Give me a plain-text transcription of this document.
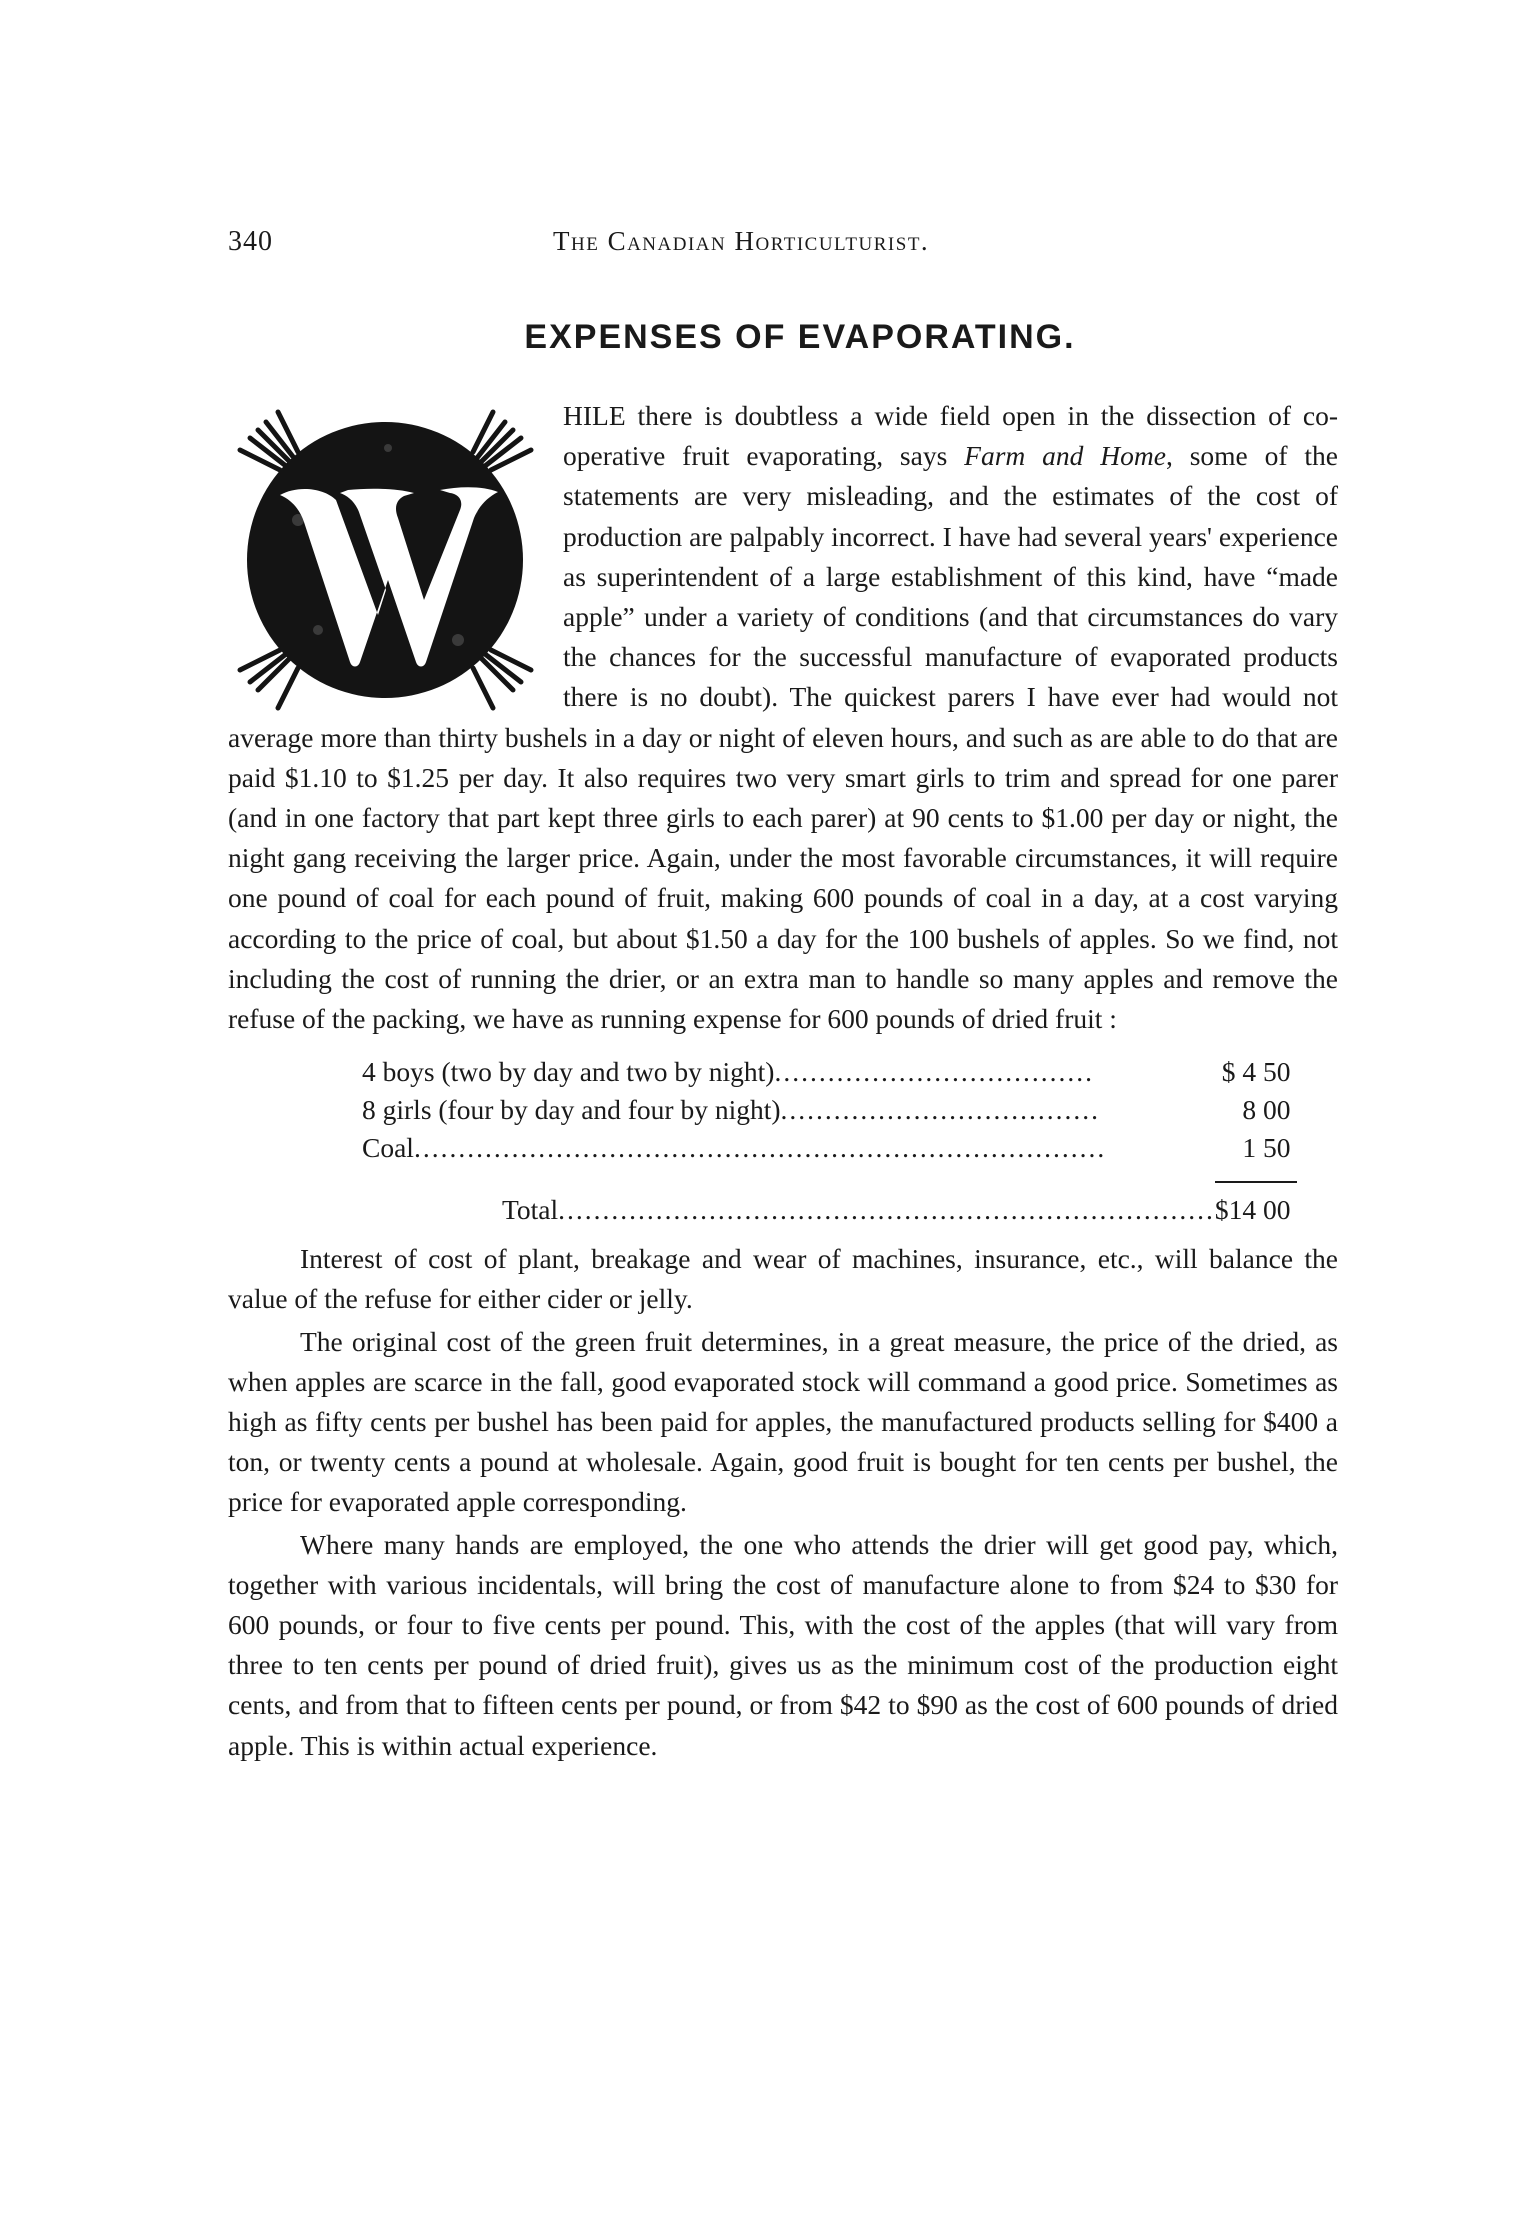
340	The Canadian Horticulturist.
EXPENSES OF EVAPORATING.

HILE there is doubtless a wide field open in the dissection of co-operative fruit evaporating, says Farm and Home, some of the statements are very misleading, and the estimates of the cost of production are palpably incorrect. I have had several years' experience as superintendent of a large establishment of this kind, have “made apple” under a variety of conditions (and that circumstances do vary the chances for the successful manufacture of evaporated products there is no doubt). The quickest parers I have ever had would not average more than thirty bushels in a day or night of eleven hours, and such as are able to do that are paid $1.10 to $1.25 per day. It also requires two very smart girls to trim and spread for one parer (and in one factory that part kept three girls to each parer) at 90 cents to $1.00 per day or night, the night gang receiving the larger price. Again, under the most favorable circumstances, it will require one pound of coal for each pound of fruit, making 600 pounds of coal in a day, at a cost varying according to the price of coal, but about $1.50 a day for the 100 bushels of apples. So we find, not including the cost of running the drier, or an extra man to handle so many apples and remove the refuse of the packing, we have as running expense for 600 pounds of dried fruit :

4 boys (two by day and two by night)....................................	$ 4 50
8 girls (four by day and four by night)....................................	8 00
Coal..............................................................................	1 50

Total..........................................................................	$14 00

Interest of cost of plant, breakage and wear of machines, insurance, etc., will balance the value of the refuse for either cider or jelly.

The original cost of the green fruit determines, in a great measure, the price of the dried, as when apples are scarce in the fall, good evaporated stock will command a good price. Sometimes as high as fifty cents per bushel has been paid for apples, the manufactured products selling for $400 a ton, or twenty cents a pound at wholesale. Again, good fruit is bought for ten cents per bushel, the price for evaporated apple corresponding.

Where many hands are employed, the one who attends the drier will get good pay, which, together with various incidentals, will bring the cost of manufacture alone to from $24 to $30 for 600 pounds, or four to five cents per pound. This, with the cost of the apples (that will vary from three to ten cents per pound of dried fruit), gives us as the minimum cost of the production eight cents, and from that to fifteen cents per pound, or from $42 to $90 as the cost of 600 pounds of dried apple. This is within actual experience.
